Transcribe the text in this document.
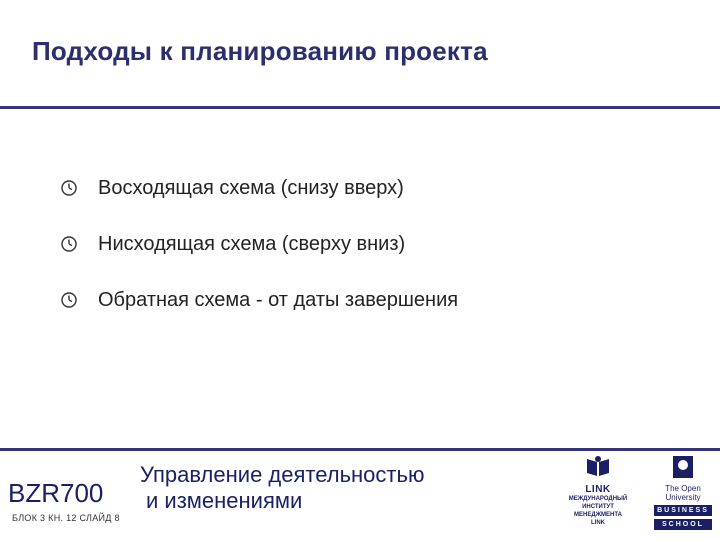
Подходы к планированию проекта
Восходящая схема (снизу вверх)
Нисходящая схема (сверху вниз)
Обратная схема - от даты завершения
BZR700
БЛОК 3 КН. 12 СЛАЙД 8
Управление деятельностью
и изменениями	LINK
МЕЖДУНАРОДНЫЙ
ИНСТИТУТ
МЕНЕДЖМЕНТА
LINK
The Open
University
BUSINESS
SCHOOL
